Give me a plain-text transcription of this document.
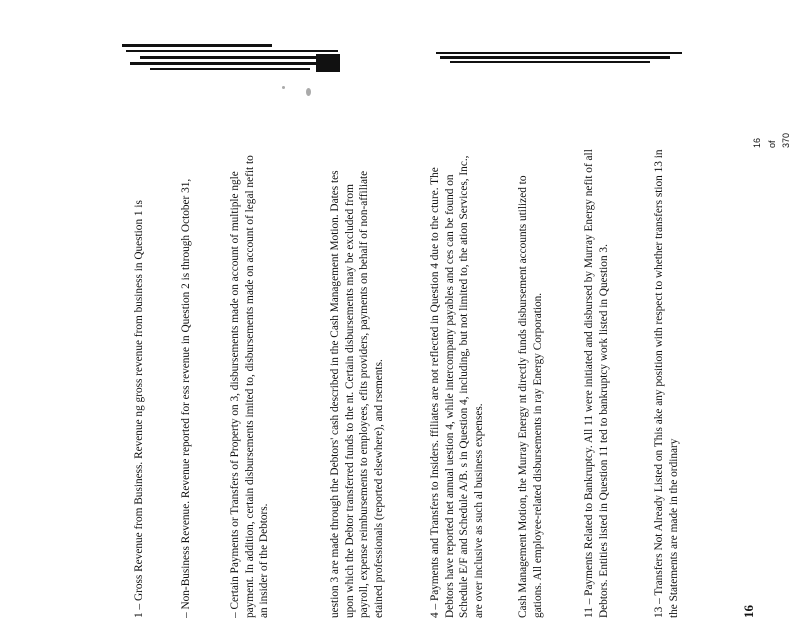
1 – Gross Revenue from Business. Revenue ng gross revenue from business in Question 1 is
– Non-Business Revenue. Revenue reported for ess revenue in Question 2 is through October 31,
– Certain Payments or Transfers of Property on 3, disbursements made on account of multiple ngle payment. In addition, certain disbursements imited to, disbursements made on account of legal nefit to an insider of the Debtors.	uestion 3 are made through the Debtors' cash described in the Cash Management Motion. Dates tes upon which the Debtor transferred funds to the nt. Certain disbursements may be excluded from payroll, expense reimbursements to employees, efits providers, payments on behalf of non-affiliate etained professionals (reported elsewhere), and rsements.	4 – Payments and Transfers to Insiders. ffiliates are not reflected in Question 4 due to the cture. The Debtors have reported net annual uestion 4, while intercompany payables and ces can be found on Schedule E/F and Schedule A/B. s in Question 4, including, but not limited to, the ation Services, Inc., are over inclusive as such al business expenses.	Cash Management Motion, the Murray Energy nt directly funds disbursement accounts utilized to gations. All employee-related disbursements in ray Energy Corporation.	11 – Payments Related to Bankruptcy. All 11 were initiated and disbursed by Murray Energy nefit of all Debtors. Entities listed in Question 11 ted to bankruptcy work listed in Question 3.	13 – Transfers Not Already Listed on This ake any position with respect to whether transfers stion 13 in the Statements are made in the ordinary	16
16 of 370
